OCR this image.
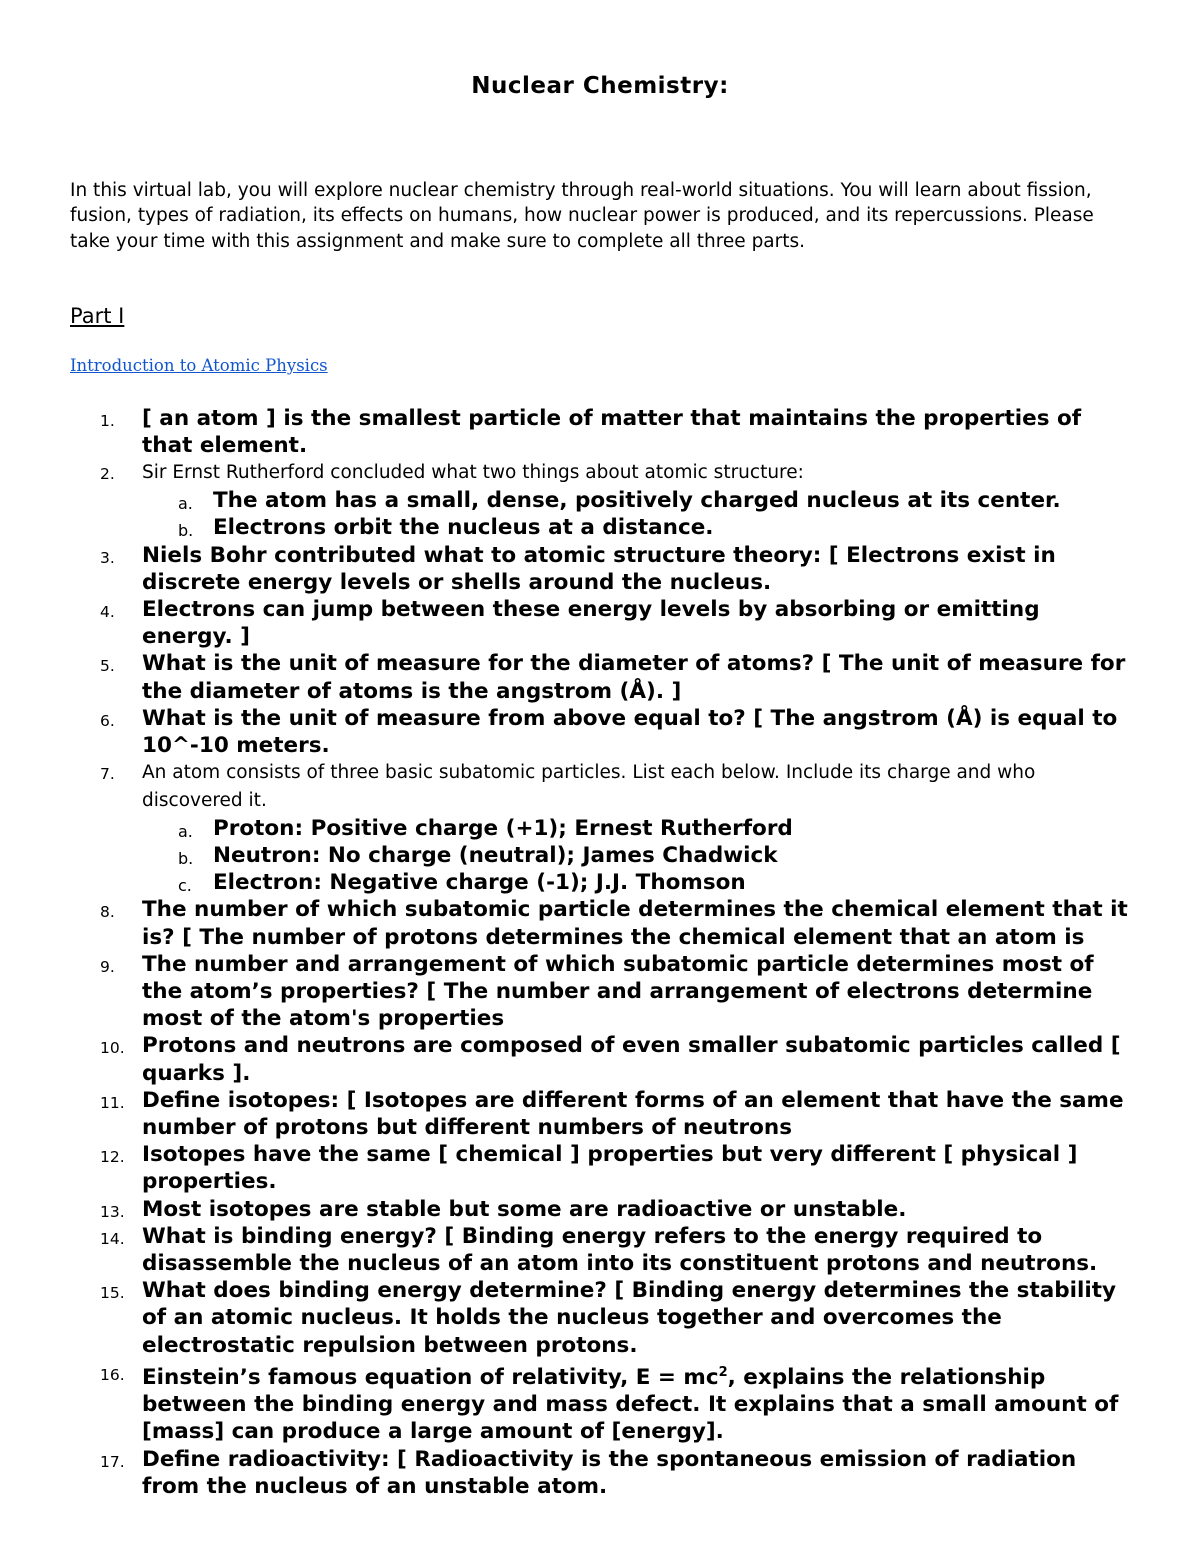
Nuclear Chemistry:
In this virtual lab, you will explore nuclear chemistry through real-world situations. You will learn about fission, fusion, types of radiation, its effects on humans, how nuclear power is produced, and its repercussions. Please take your time with this assignment and make sure to complete all three parts.
Part I
Introduction to Atomic Physics
1. [ an atom ] is the smallest particle of matter that maintains the properties of that element.
2. Sir Ernst Rutherford concluded what two things about atomic structure:
a. The atom has a small, dense, positively charged nucleus at its center.
b. Electrons orbit the nucleus at a distance.
3. Niels Bohr contributed what to atomic structure theory: [ Electrons exist in discrete energy levels or shells around the nucleus.
4. Electrons can jump between these energy levels by absorbing or emitting energy. ]
5. What is the unit of measure for the diameter of atoms? [ The unit of measure for the diameter of atoms is the angstrom (Å). ]
6. What is the unit of measure from above equal to? [ The angstrom (Å) is equal to 10^-10 meters.
7. An atom consists of three basic subatomic particles. List each below. Include its charge and who discovered it.
a. Proton: Positive charge (+1); Ernest Rutherford
b. Neutron: No charge (neutral); James Chadwick
c. Electron: Negative charge (-1); J.J. Thomson
8. The number of which subatomic particle determines the chemical element that it is? [ The number of protons determines the chemical element that an atom is
9. The number and arrangement of which subatomic particle determines most of the atom’s properties? [ The number and arrangement of electrons determine most of the atom's properties
10. Protons and neutrons are composed of even smaller subatomic particles called [ quarks ].
11. Define isotopes: [ Isotopes are different forms of an element that have the same number of protons but different numbers of neutrons
12. Isotopes have the same [ chemical ] properties but very different [ physical ] properties.
13. Most isotopes are stable but some are radioactive or unstable.
14. What is binding energy? [ Binding energy refers to the energy required to disassemble the nucleus of an atom into its constituent protons and neutrons.
15. What does binding energy determine? [ Binding energy determines the stability of an atomic nucleus. It holds the nucleus together and overcomes the electrostatic repulsion between protons.
16. Einstein’s famous equation of relativity, $E = mc^2$, explains the relationship between the binding energy and mass defect. It explains that a small amount of [mass] can produce a large amount of [energy].
17. Define radioactivity: [ Radioactivity is the spontaneous emission of radiation from the nucleus of an unstable atom.
